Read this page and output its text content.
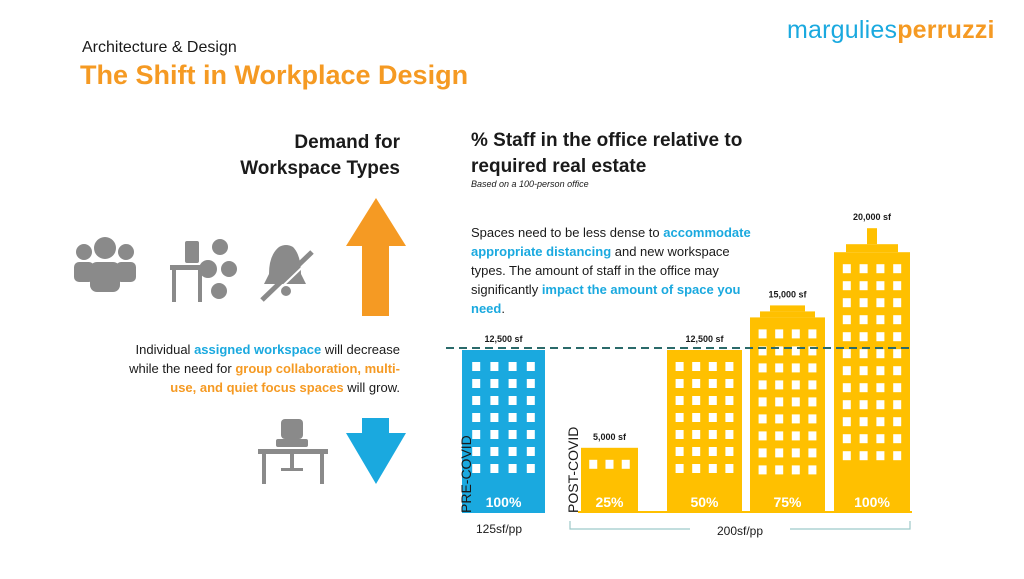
marguliesperruzzi
Architecture & Design
The Shift in Workplace Design
Demand for
Workspace Types
% Staff in the office relative to
required real estate
Based on a 100-person office
Spaces need to be less dense to accommodate appropriate distancing and new workspace types. The amount of staff in the office may significantly impact the amount of space you need.
Individual assigned workspace will decrease while the need for group collaboration, multi-use, and quiet focus spaces will grow.
100%
12,500 sf
25%
5,000 sf
50%
12,500 sf
75%
15,000 sf
100%
20,000 sf
PRE-COVID	POST-COVID
125sf/pp	200sf/pp
